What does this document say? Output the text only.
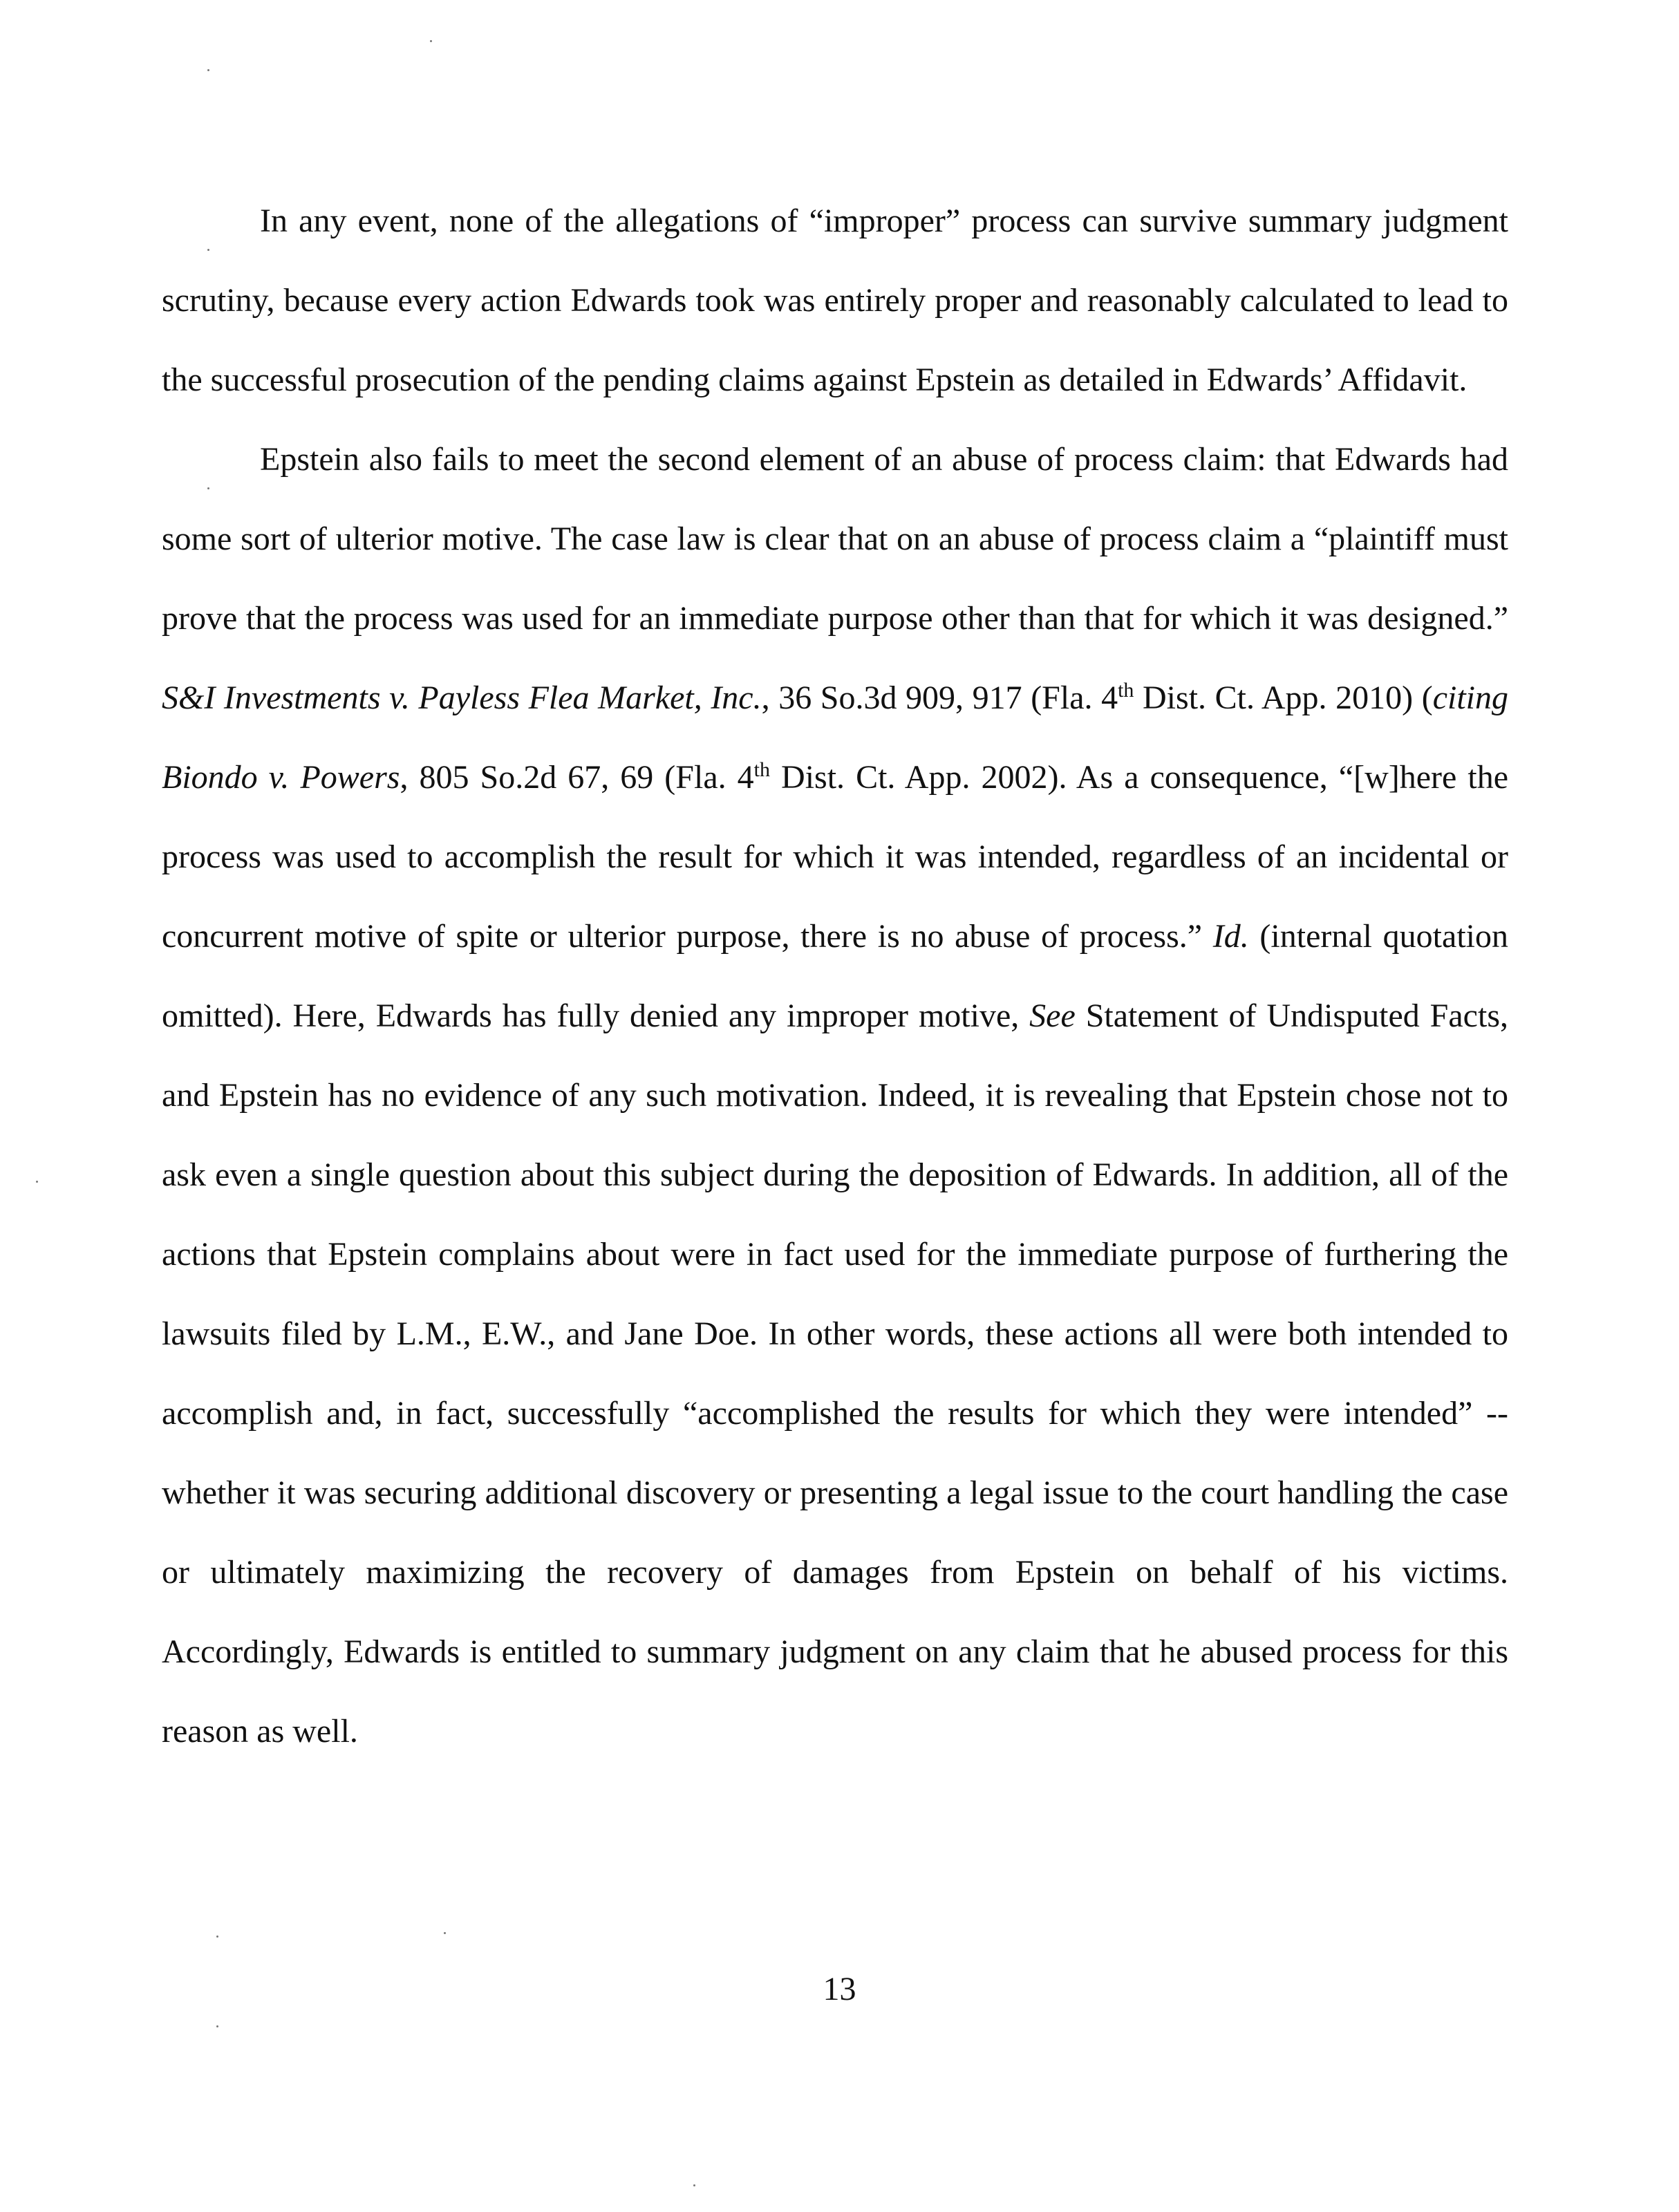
In any event, none of the allegations of “improper” process can survive summary judgment scrutiny, because every action Edwards took was entirely proper and reasonably calculated to lead to the successful prosecution of the pending claims against Epstein as detailed in Edwards’ Affidavit.

Epstein also fails to meet the second element of an abuse of process claim: that Edwards had some sort of ulterior motive. The case law is clear that on an abuse of process claim a “plaintiff must prove that the process was used for an immediate purpose other than that for which it was designed.” S&I Investments v. Payless Flea Market, Inc., 36 So.3d 909, 917 (Fla. 4th Dist. Ct. App. 2010) (citing Biondo v. Powers, 805 So.2d 67, 69 (Fla. 4th Dist. Ct. App. 2002). As a consequence, “[w]here the process was used to accomplish the result for which it was intended, regardless of an incidental or concurrent motive of spite or ulterior purpose, there is no abuse of process.” Id. (internal quotation omitted). Here, Edwards has fully denied any improper motive, See Statement of Undisputed Facts, and Epstein has no evidence of any such motivation. Indeed, it is revealing that Epstein chose not to ask even a single question about this subject during the deposition of Edwards. In addition, all of the actions that Epstein complains about were in fact used for the immediate purpose of furthering the lawsuits filed by L.M., E.W., and Jane Doe. In other words, these actions all were both intended to accomplish and, in fact, successfully “accomplished the results for which they were intended” -- whether it was securing additional discovery or presenting a legal issue to the court handling the case or ultimately maximizing the recovery of damages from Epstein on behalf of his victims. Accordingly, Edwards is entitled to summary judgment on any claim that he abused process for this reason as well.

13
